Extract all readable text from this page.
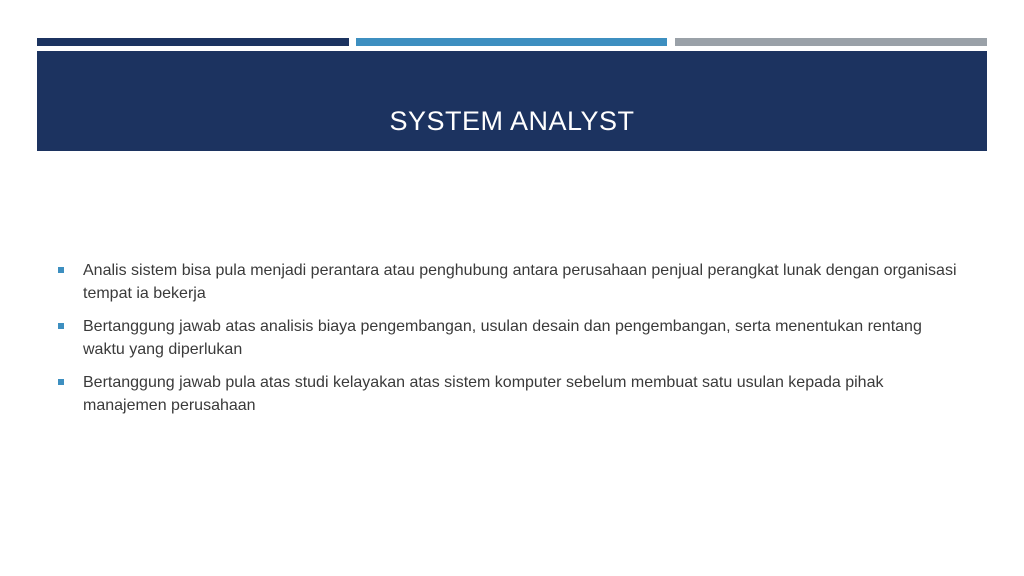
SYSTEM ANALYST
Analis sistem bisa pula menjadi perantara atau penghubung antara perusahaan penjual perangkat lunak dengan organisasi tempat ia bekerja
Bertanggung jawab atas analisis biaya pengembangan, usulan desain dan pengembangan, serta menentukan rentang waktu yang diperlukan
Bertanggung jawab pula atas studi kelayakan atas sistem komputer sebelum membuat satu usulan kepada pihak manajemen perusahaan
